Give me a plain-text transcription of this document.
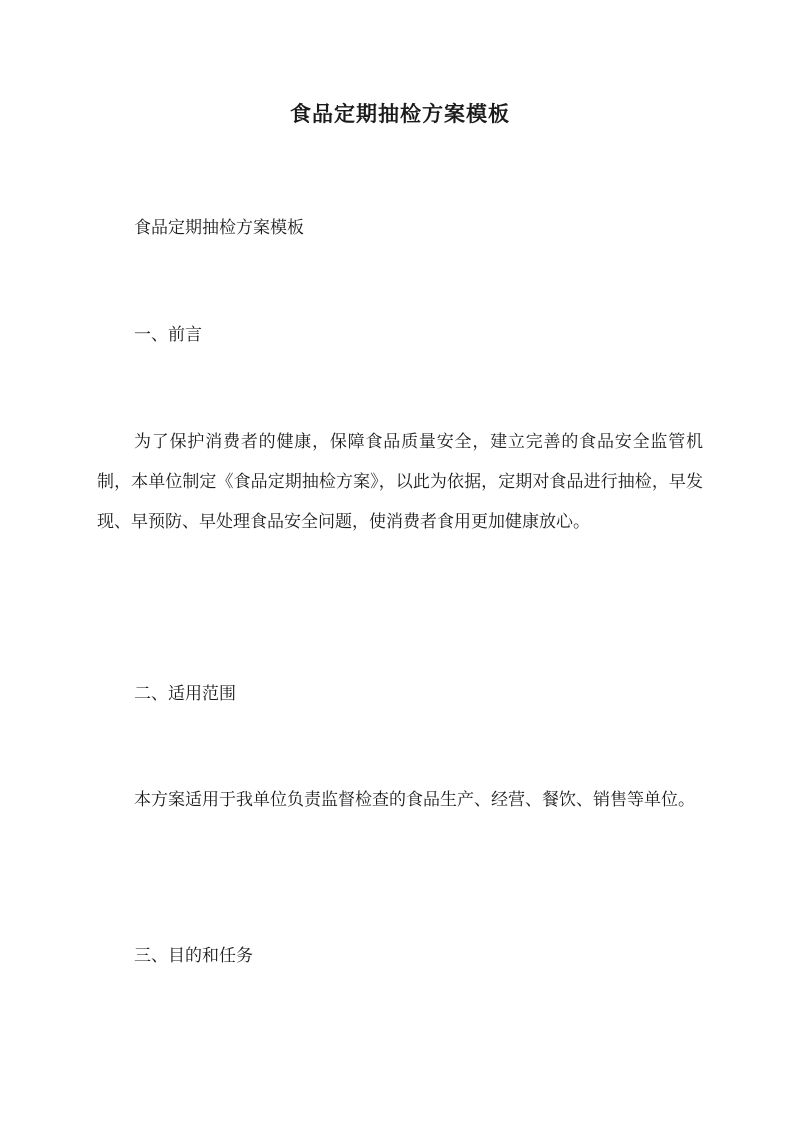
食品定期抽检方案模板
食品定期抽检方案模板
一、前言
为了保护消费者的健康，保障食品质量安全，建立完善的食品安全监管机制，本单位制定《食品定期抽检方案》，以此为依据，定期对食品进行抽检，早发现、早预防、早处理食品安全问题，使消费者食用更加健康放心。
二、适用范围
本方案适用于我单位负责监督检查的食品生产、经营、餐饮、销售等单位。
三、目的和任务
